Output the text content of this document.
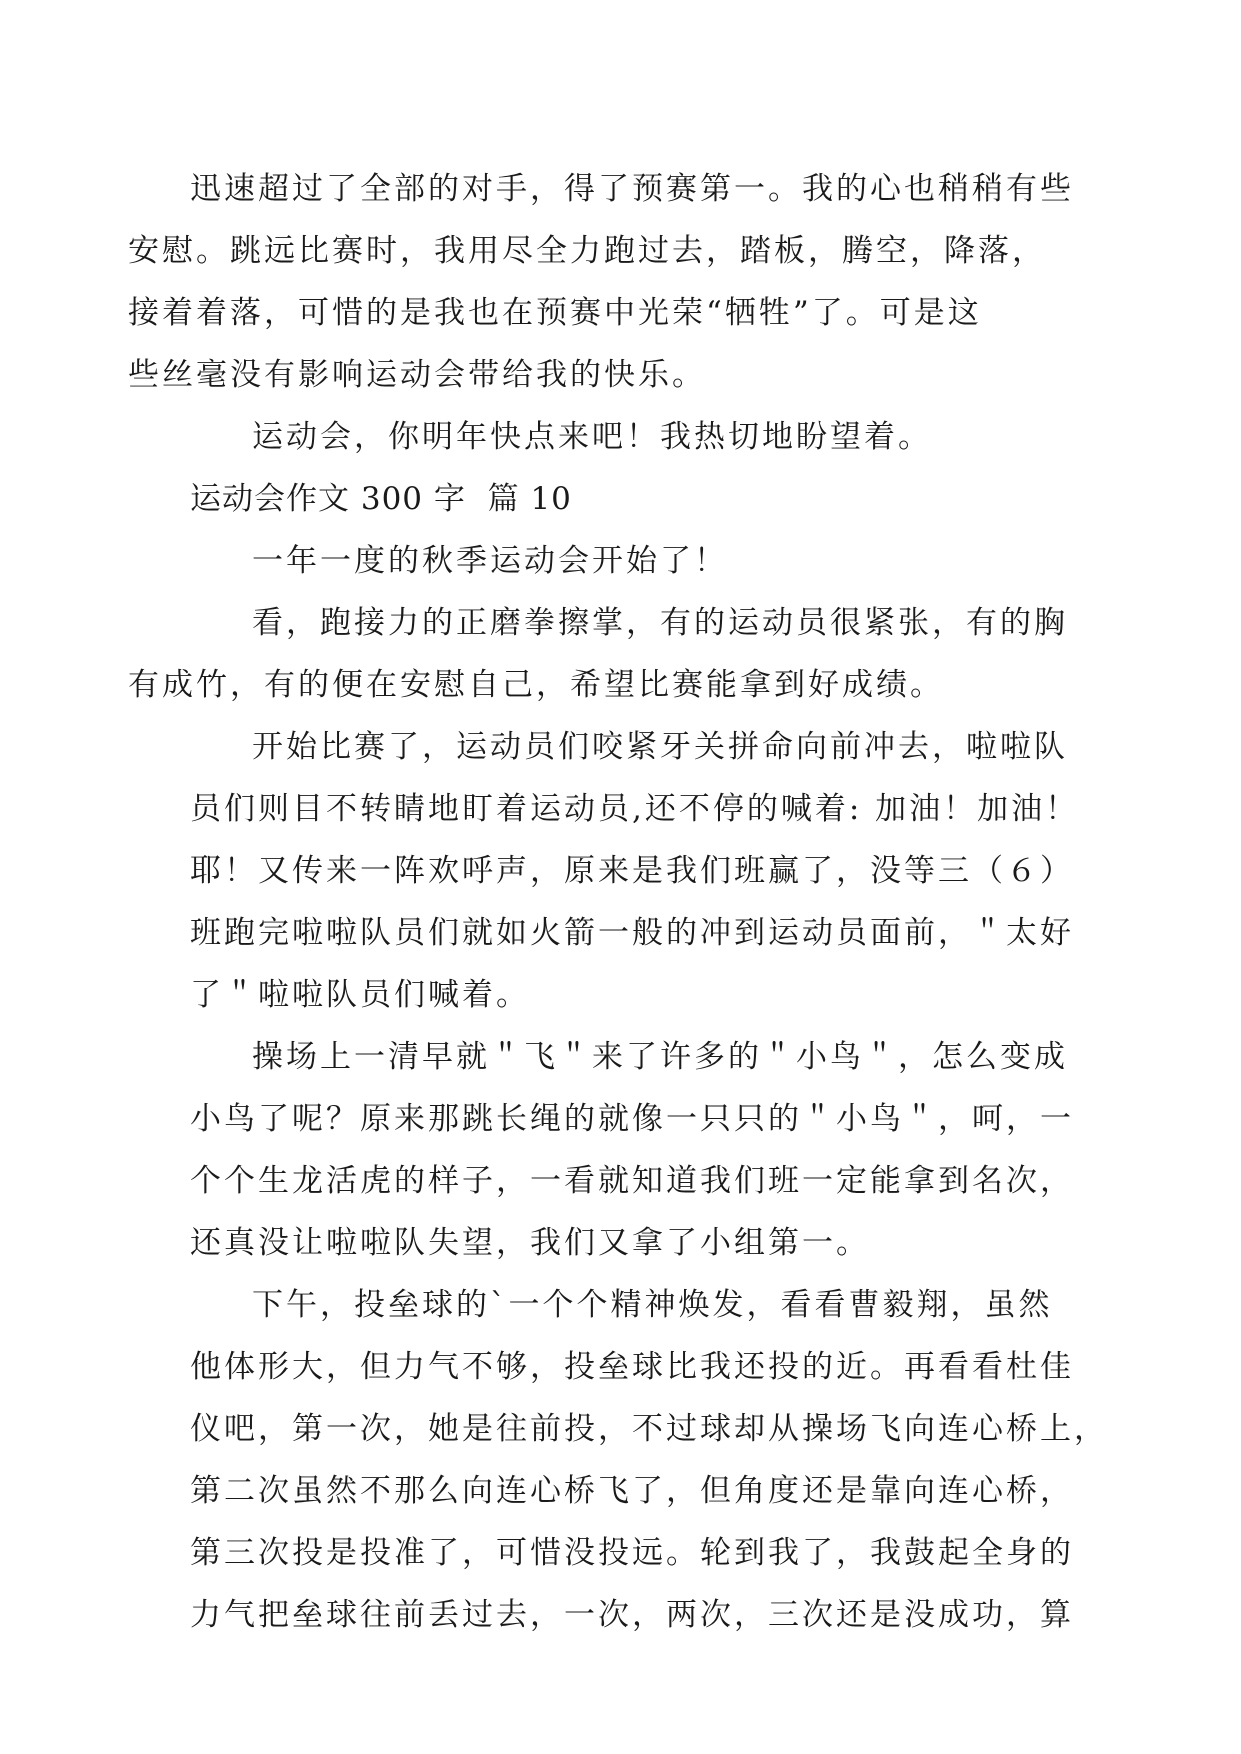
迅速超过了全部的对手，得了预赛第一。我的心也稍稍有些
安慰。跳远比赛时，我用尽全力跑过去，踏板，腾空，降落，
接着着落，可惜的是我也在预赛中光荣“牺牲”了。可是这
些丝毫没有影响运动会带给我的快乐。

运动会，你明年快点来吧！我热切地盼望着。

运动会作文 300 字  篇 10

一年一度的秋季运动会开始了！

看，跑接力的正磨拳擦掌，有的运动员很紧张，有的胸
有成竹，有的便在安慰自己，希望比赛能拿到好成绩。

开始比赛了，运动员们咬紧牙关拼命向前冲去，啦啦队
员们则目不转睛地盯着运动员,还不停的喊着: 加油！加油！
耶！又传来一阵欢呼声，原来是我们班赢了，没等三（６）
班跑完啦啦队员们就如火箭一般的冲到运动员面前，＂太好
了＂啦啦队员们喊着。

操场上一清早就＂飞＂来了许多的＂小鸟＂，怎么变成
小鸟了呢？原来那跳长绳的就像一只只的＂小鸟＂，呵，一
个个生龙活虎的样子，一看就知道我们班一定能拿到名次，
还真没让啦啦队失望，我们又拿了小组第一。

下午，投垒球的`一个个精神焕发，看看曹毅翔，虽然
他体形大，但力气不够，投垒球比我还投的近。再看看杜佳
仪吧，第一次，她是往前投，不过球却从操场飞向连心桥上，
第二次虽然不那么向连心桥飞了，但角度还是靠向连心桥，
第三次投是投准了，可惜没投远。轮到我了，我鼓起全身的
力气把垒球往前丢过去，一次，两次，三次还是没成功，算
